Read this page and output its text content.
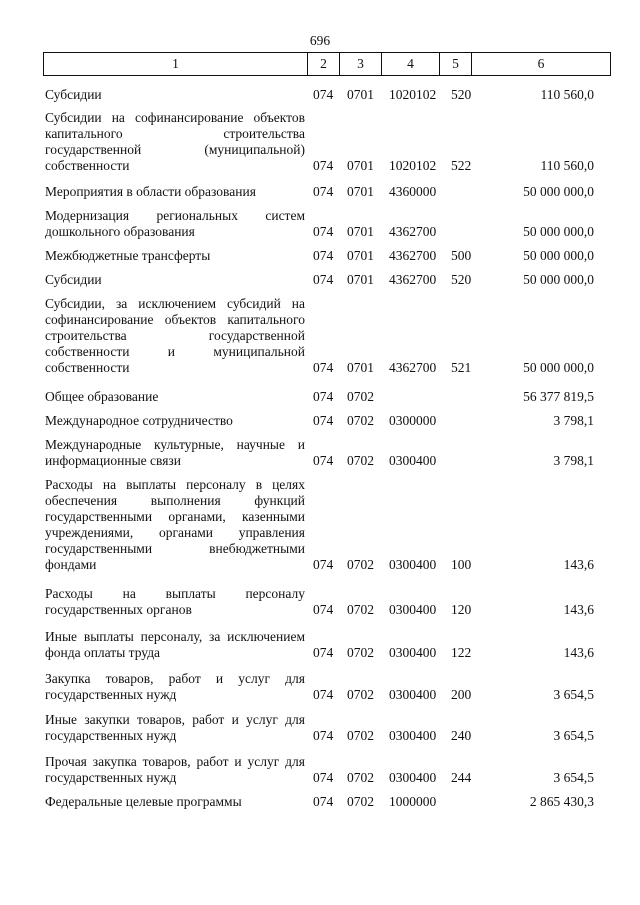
696
1	2	3	4	5	6
Субсидии	074 0701 1020102 520	110 560,0
Субсидии на софинансирование объектов капитального строительства государственной (муниципальной) собственности	074 0701 1020102 522	110 560,0
Мероприятия в области образования	074 0701 4360000	50 000 000,0
Модернизация региональных систем дошкольного образования	074 0701 4362700	50 000 000,0
Межбюджетные трансферты	074 0701 4362700 500	50 000 000,0
Субсидии	074 0701 4362700 520	50 000 000,0
Субсидии, за исключением субсидий на софинансирование объектов капитального строительства государственной собственности и муниципальной собственности	074 0701 4362700 521	50 000 000,0
Общее образование	074 0702	56 377 819,5
Международное сотрудничество	074 0702 0300000	3 798,1
Международные культурные, научные и информационные связи	074 0702 0300400	3 798,1
Расходы на выплаты персоналу в целях обеспечения выполнения функций государственными органами, казенными учреждениями, органами управления государственными внебюджетными фондами	074 0702 0300400 100	143,6
Расходы на выплаты персоналу государственных органов	074 0702 0300400 120	143,6
Иные выплаты персоналу, за исключением фонда оплаты труда	074 0702 0300400 122	143,6
Закупка товаров, работ и услуг для государственных нужд	074 0702 0300400 200	3 654,5
Иные закупки товаров, работ и услуг для государственных нужд	074 0702 0300400 240	3 654,5
Прочая закупка товаров, работ и услуг для государственных нужд	074 0702 0300400 244	3 654,5
Федеральные целевые программы	074 0702 1000000	2 865 430,3
